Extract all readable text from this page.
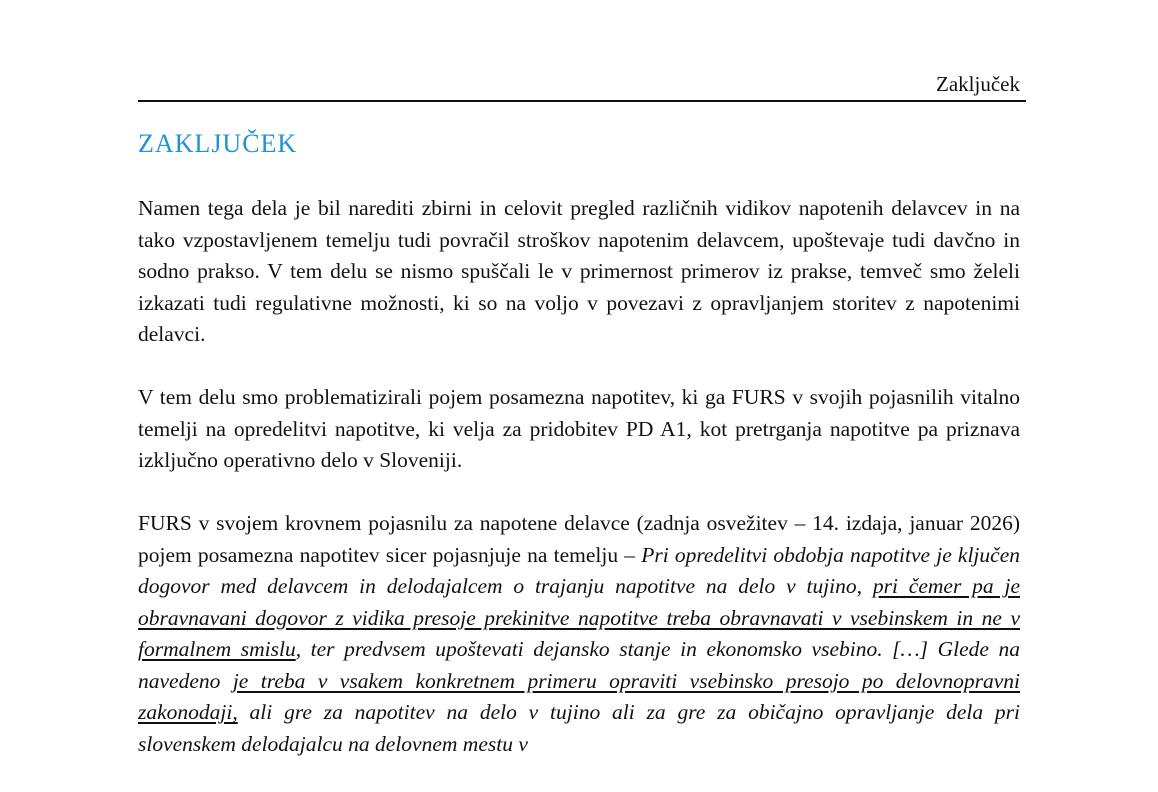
Zaključek
ZAKLJUČEK

Namen tega dela je bil narediti zbirni in celovit pregled različnih vidikov napotenih delavcev in na tako vzpostavljenem temelju tudi povračil stroškov napotenim delavcem, upoštevaje tudi davčno in sodno prakso. V tem delu se nismo spuščali le v primernost primerov iz prakse, temveč smo želeli izkazati tudi regulativne možnosti, ki so na voljo v povezavi z opravljanjem storitev z napotenimi delavci.

V tem delu smo problematizirali pojem posamezna napotitev, ki ga FURS v svojih pojasnilih vitalno temelji na opredelitvi napotitve, ki velja za pridobitev PD A1, kot pretrganja napotitve pa priznava izključno operativno delo v Sloveniji.

FURS v svojem krovnem pojasnilu za napotene delavce (zadnja osvežitev – 14. izdaja, januar 2026) pojem posamezna napotitev sicer pojasnjuje na temelju – Pri opredelitvi obdobja napotitve je ključen dogovor med delavcem in delodajalcem o trajanju napotitve na delo v tujino, pri čemer pa je obravnavani dogovor z vidika presoje prekinitve napotitve treba obravnavati v vsebinskem in ne v formalnem smislu, ter predvsem upoštevati dejansko stanje in ekonomsko vsebino. […] Glede na navedeno je treba v vsakem konkretnem primeru opraviti vsebinsko presojo po delovnopravni zakonodaji, ali gre za napotitev na delo v tujino ali za gre za običajno opravljanje dela pri slovenskem delodajalcu na delovnem mestu v
